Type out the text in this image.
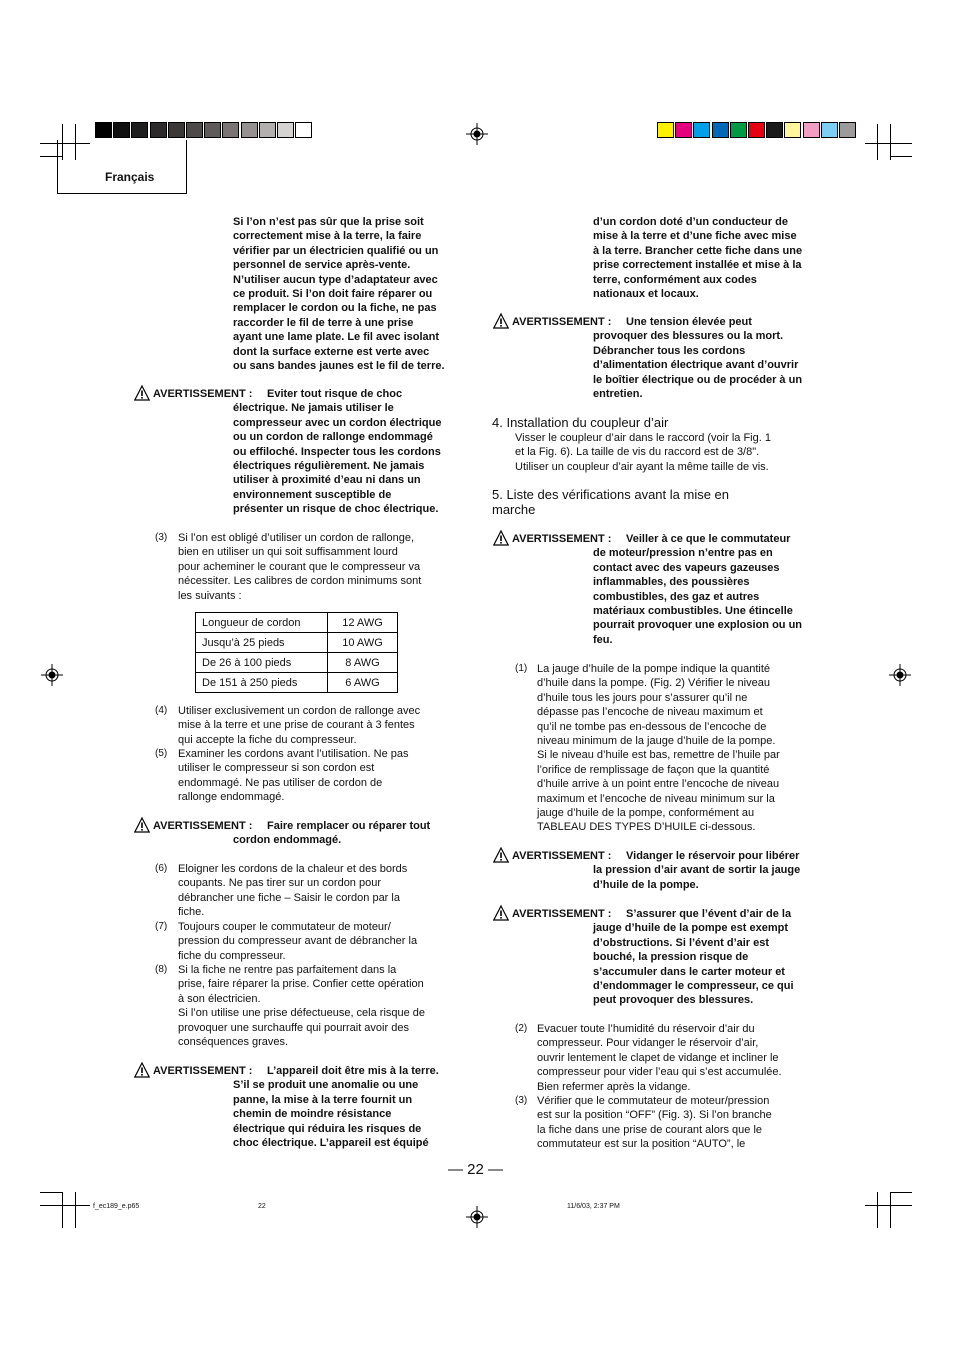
Français
Si l’on n’est pas sûr que la prise soit
correctement mise à la terre, la faire
vérifier par un électricien qualifié ou un
personnel de service après-vente.
N’utiliser aucun type d’adaptateur avec
ce produit. Si l’on doit faire réparer ou
remplacer le cordon ou la fiche, ne pas
raccorder le fil de terre à une prise
ayant une lame plate. Le fil avec isolant
dont la surface externe est verte avec
ou sans bandes jaunes est le fil de terre.
AVERTISSEMENT : Eviter tout risque de choc
électrique. Ne jamais utiliser le
compresseur avec un cordon électrique
ou un cordon de rallonge endommagé
ou effiloché. Inspecter tous les cordons
électriques régulièrement. Ne jamais
utiliser à proximité d’eau ni dans un
environnement susceptible de
présenter un risque de choc électrique.
(3) Si l’on est obligé d’utiliser un cordon de rallonge,
bien en utiliser un qui soit suffisamment lourd
pour acheminer le courant que le compresseur va
nécessiter. Les calibres de cordon minimums sont
les suivants :
Longueur de cordon	12 AWG
Jusqu’à 25 pieds	10 AWG
De 26 à 100 pieds	8 AWG
De 151 à 250 pieds	6 AWG
(4) Utiliser exclusivement un cordon de rallonge avec
mise à la terre et une prise de courant à 3 fentes
qui accepte la fiche du compresseur.
(5) Examiner les cordons avant l’utilisation. Ne pas
utiliser le compresseur si son cordon est
endommagé. Ne pas utiliser de cordon de
rallonge endommagé.
AVERTISSEMENT : Faire remplacer ou réparer tout
cordon endommagé.
(6) Eloigner les cordons de la chaleur et des bords
coupants. Ne pas tirer sur un cordon pour
débrancher une fiche – Saisir le cordon par la
fiche.
(7) Toujours couper le commutateur de moteur/
pression du compresseur avant de débrancher la
fiche du compresseur.
(8) Si la fiche ne rentre pas parfaitement dans la
prise, faire réparer la prise. Confier cette opération
à son électricien.
Si l’on utilise une prise défectueuse, cela risque de
provoquer une surchauffe qui pourrait avoir des
conséquences graves.
AVERTISSEMENT : L’appareil doit être mis à la terre.
S’il se produit une anomalie ou une
panne, la mise à la terre fournit un
chemin de moindre résistance
électrique qui réduira les risques de
choc électrique. L’appareil est équipé
d’un cordon doté d’un conducteur de
mise à la terre et d’une fiche avec mise
à la terre. Brancher cette fiche dans une
prise correctement installée et mise à la
terre, conformément aux codes
nationaux et locaux.
AVERTISSEMENT : Une tension élevée peut
provoquer des blessures ou la mort.
Débrancher tous les cordons
d’alimentation électrique avant d’ouvrir
le boîtier électrique ou de procéder à un
entretien.
4. Installation du coupleur d’air
Visser le coupleur d’air dans le raccord (voir la Fig. 1
et la Fig. 6). La taille de vis du raccord est de 3/8".
Utiliser un coupleur d’air ayant la même taille de vis.
5. Liste des vérifications avant la mise en
marche
AVERTISSEMENT : Veiller à ce que le commutateur
de moteur/pression n’entre pas en
contact avec des vapeurs gazeuses
inflammables, des poussières
combustibles, des gaz et autres
matériaux combustibles. Une étincelle
pourrait provoquer une explosion ou un
feu.
(1) La jauge d’huile de la pompe indique la quantité
d’huile dans la pompe. (Fig. 2) Vérifier le niveau
d’huile tous les jours pour s’assurer qu’il ne
dépasse pas l’encoche de niveau maximum et
qu’il ne tombe pas en-dessous de l’encoche de
niveau minimum de la jauge d’huile de la pompe.
Si le niveau d’huile est bas, remettre de l’huile par
l’orifice de remplissage de façon que la quantité
d’huile arrive à un point entre l’encoche de niveau
maximum et l’encoche de niveau minimum sur la
jauge d’huile de la pompe, conformément au
TABLEAU DES TYPES D’HUILE ci-dessous.
AVERTISSEMENT : Vidanger le réservoir pour libérer
la pression d’air avant de sortir la jauge
d’huile de la pompe.
AVERTISSEMENT : S’assurer que l’évent d’air de la
jauge d’huile de la pompe est exempt
d’obstructions. Si l’évent d’air est
bouché, la pression risque de
s’accumuler dans le carter moteur et
d’endommager le compresseur, ce qui
peut provoquer des blessures.
(2) Evacuer toute l’humidité du réservoir d’air du
compresseur. Pour vidanger le réservoir d’air,
ouvrir lentement le clapet de vidange et incliner le
compresseur pour vider l’eau qui s’est accumulée.
Bien refermer après la vidange.
(3) Vérifier que le commutateur de moteur/pression
est sur la position “OFF” (Fig. 3). Si l’on branche
la fiche dans une prise de courant alors que le
commutateur est sur la position “AUTO”, le
— 22 —
f_ec189_e.p65	22	11/6/03, 2:37 PM
